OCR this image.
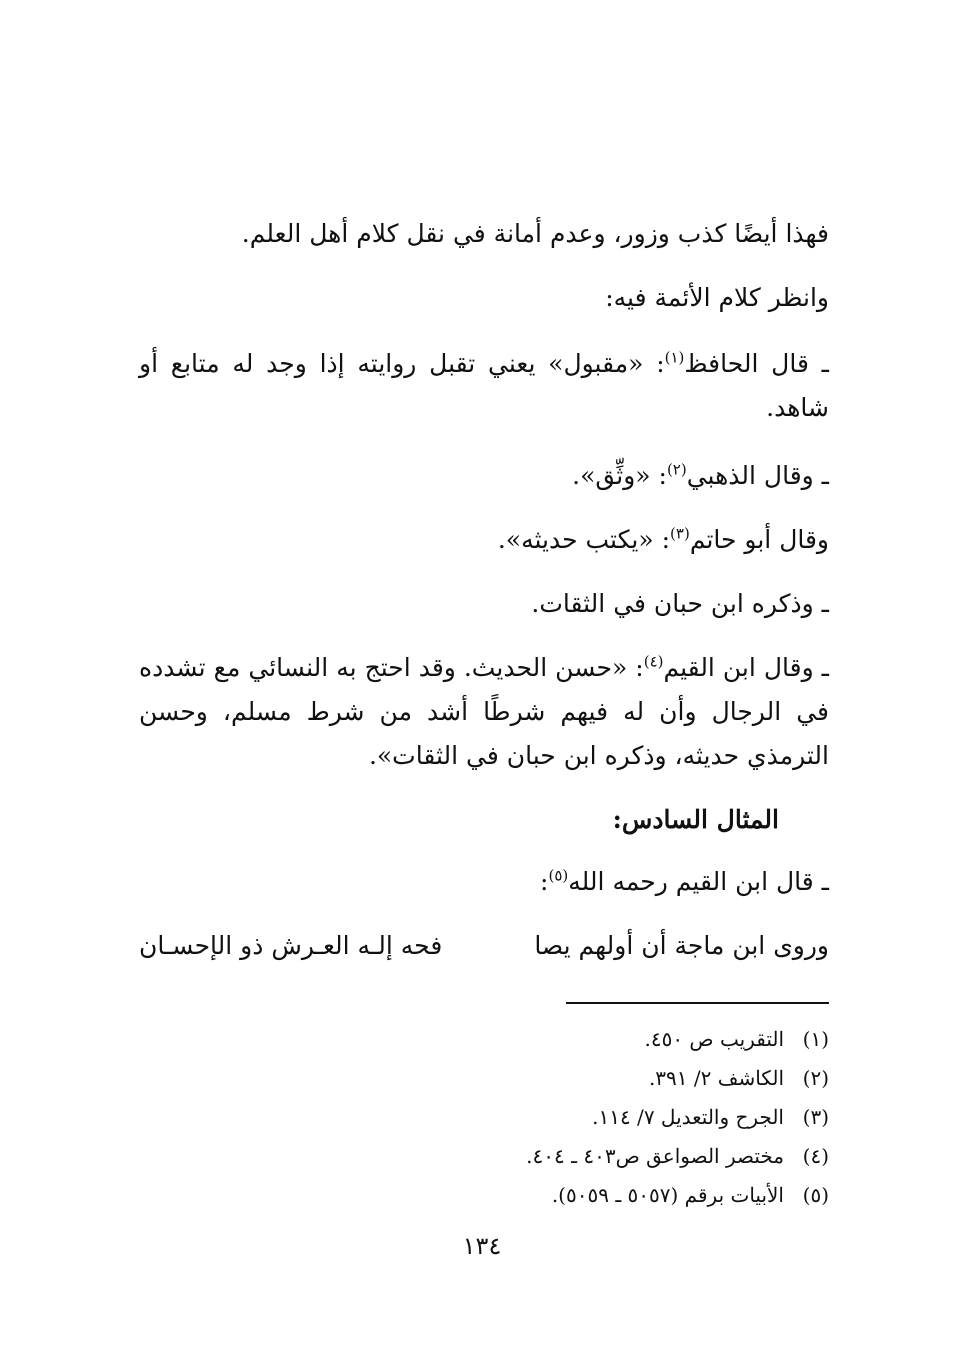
فهذا أيضًا كذب وزور، وعدم أمانة في نقل كلام أهل العلم.

وانظر كلام الأئمة فيه:

ـ قال الحافظ$^{(١)}$: «مقبول» يعني تقبل روايته إذا وجد له متابع أو شاهد.

ـ وقال الذهبي$^{(٢)}$: «وثِّق».

وقال أبو حاتم$^{(٣)}$: «يكتب حديثه».

ـ وذكره ابن حبان في الثقات.

ـ وقال ابن القيم$^{(٤)}$: «حسن الحديث. وقد احتج به النسائي مع تشدده في الرجال وأن له فيهم شرطًا أشد من شرط مسلم، وحسن الترمذي حديثه، وذكره ابن حبان في الثقات».

المثال السادس:

ـ قال ابن القيم رحمه الله$^{(٥)}$:

وروى ابن ماجة أن أولهم يصا
فحه إلـه العـرش ذو الإحسـان
(١)
التقريب ص ٤٥٠.
(٢)
الكاشف ٢/ ٣٩١.
(٣)
الجرح والتعديل ٧/ ١١٤.
(٤)
مختصر الصواعق ص٤٠٣ ـ ٤٠٤.
(٥)
الأبيات برقم (٥٠٥٧ ـ ٥٠٥٩).
١٣٤
